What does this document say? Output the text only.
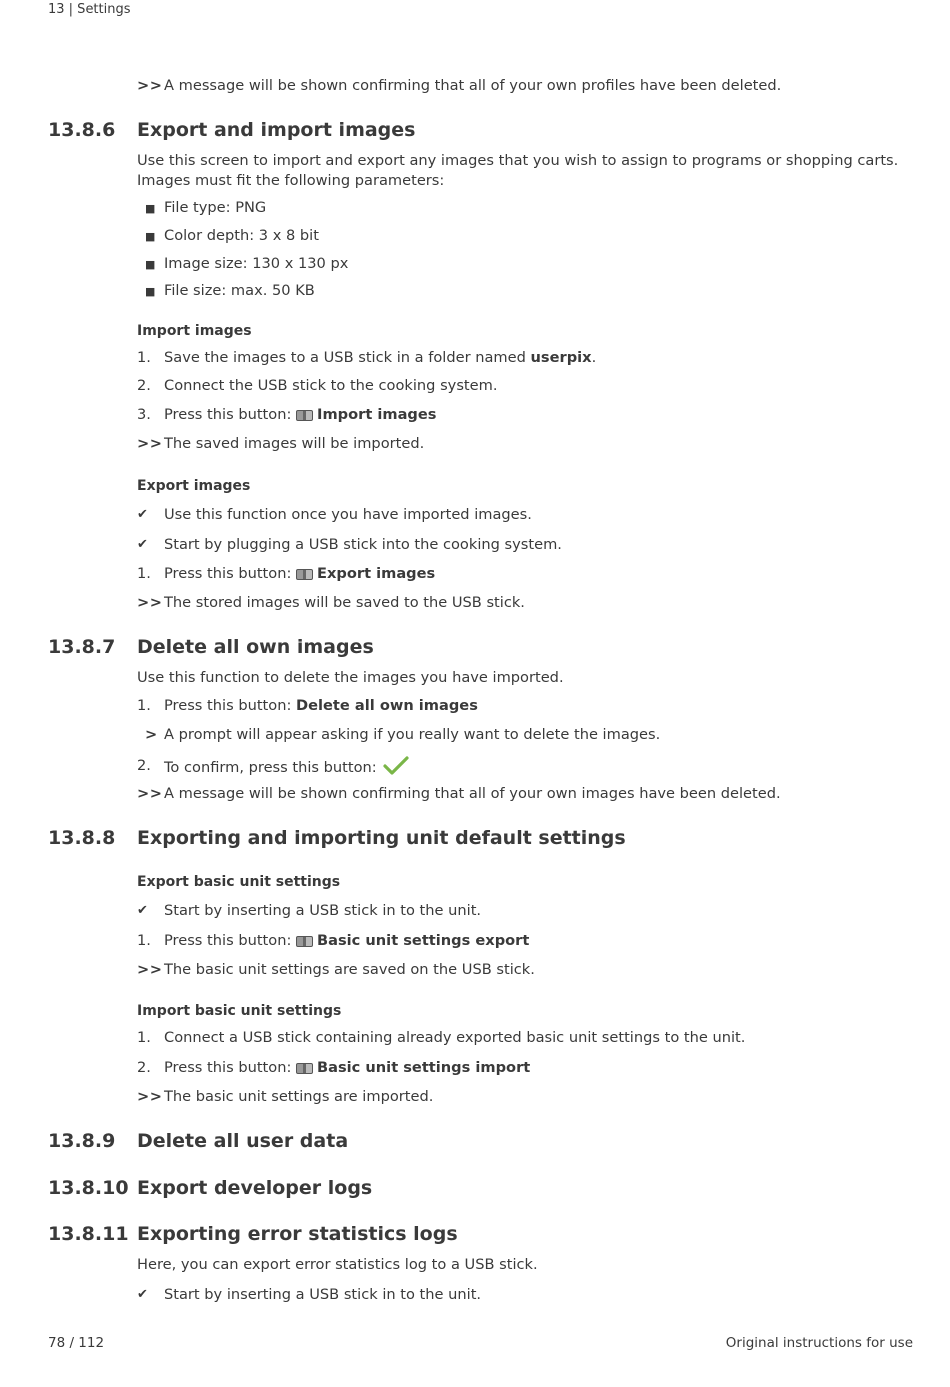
13 | Settings
>> A message will be shown confirming that all of your own profiles have been deleted.
13.8.6 Export and import images
Use this screen to import and export any images that you wish to assign to programs or shopping carts. Images must fit the following parameters:
■ File type: PNG
■ Color depth: 3 x 8 bit
■ Image size: 130 x 130 px
■ File size: max. 50 KB
Import images
1. Save the images to a USB stick in a folder named userpix.
2. Connect the USB stick to the cooking system.
3. Press this button: Import images
>> The saved images will be imported.
Export images
✔ Use this function once you have imported images.
✔ Start by plugging a USB stick into the cooking system.
1. Press this button: Export images
>> The stored images will be saved to the USB stick.
13.8.7 Delete all own images
Use this function to delete the images you have imported.
1. Press this button: Delete all own images
> A prompt will appear asking if you really want to delete the images.
2. To confirm, press this button:
>> A message will be shown confirming that all of your own images have been deleted.
13.8.8 Exporting and importing unit default settings
Export basic unit settings
✔ Start by inserting a USB stick in to the unit.
1. Press this button: Basic unit settings export
>> The basic unit settings are saved on the USB stick.
Import basic unit settings
1. Connect a USB stick containing already exported basic unit settings to the unit.
2. Press this button: Basic unit settings import
>> The basic unit settings are imported.
13.8.9 Delete all user data
13.8.10 Export developer logs
13.8.11 Exporting error statistics logs
Here, you can export error statistics log to a USB stick.
✔ Start by inserting a USB stick in to the unit.
78 / 112	Original instructions for use
